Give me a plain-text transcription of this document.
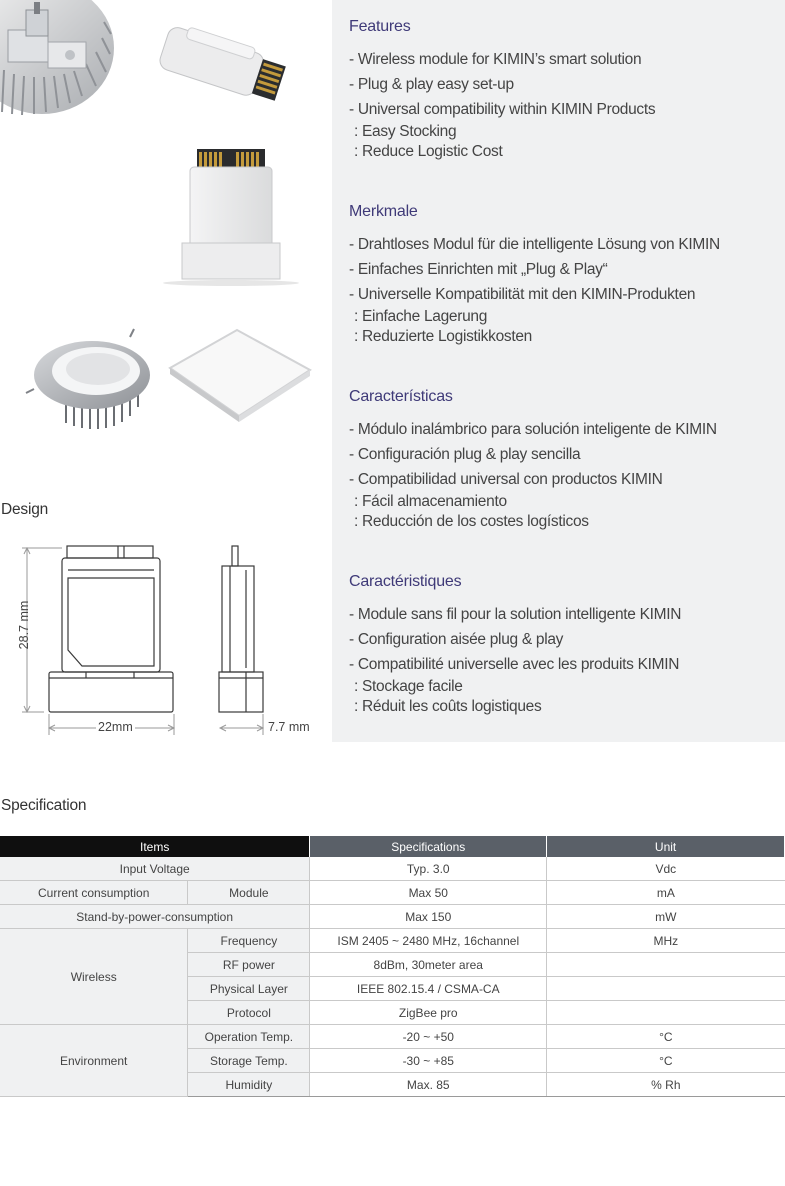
Design
28.7 mm
22mm	7.7 mm
Features
- Wireless module for KIMIN’s smart solution
- Plug & play easy set-up
- Universal compatibility within KIMIN Products
: Easy Stocking
: Reduce Logistic Cost
Merkmale
- Drahtloses Modul für die intelligente Lösung von KIMIN
- Einfaches Einrichten mit „Plug & Play“
- Universelle Kompatibilität mit den KIMIN-Produkten
: Einfache Lagerung
: Reduzierte Logistikkosten
Características
- Módulo inalámbrico para solución inteligente de KIMIN
- Configuración plug & play sencilla
- Compatibilidad universal con productos KIMIN
: Fácil almacenamiento
: Reducción de los costes logísticos
Caractéristiques
- Module sans fil pour la solution intelligente KIMIN
- Configuration aisée plug & play
- Compatibilité universelle avec les produits KIMIN
: Stockage facile
: Réduit les coûts logistiques
Specification
Items		Specifications	Unit
Input Voltage		Typ. 3.0	Vdc
Current consumption	Module	Max 50	mA
Stand-by-power-consumption		Max 150	mW
Wireless	Frequency	ISM 2405 ~ 2480 MHz, 16channel	MHz
	RF power	8dBm, 30meter area	
	Physical Layer	IEEE 802.15.4 / CSMA-CA	
	Protocol	ZigBee pro	
Environment	Operation Temp.	-20 ~ +50	°C
	Storage Temp.	-30 ~ +85	°C
	Humidity	Max. 85	% Rh
